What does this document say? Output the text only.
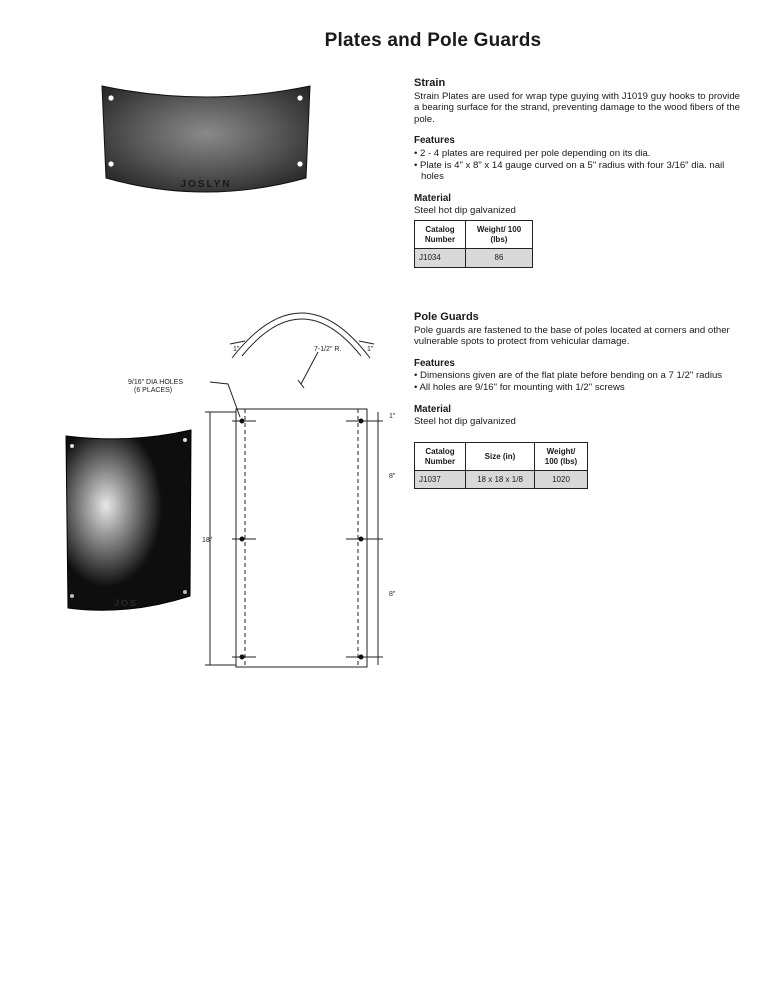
Plates and Pole Guards
JOSLYN
JOS
1"	1"
7-1/2" R.
9/16" DIA HOLES
(6 PLACES)
1"
8"
8"
18"
Strain

Strain Plates are used for wrap type guying with J1019 guy hooks to provide a bearing surface for the strand, preventing damage to the wood fibers of the pole.

Features
• 2 - 4 plates are required per pole depending on its dia.
• Plate is 4" x 8" x 14 gauge curved on a 5" radius with four 3/16" dia. nail holes
Material

Steel hot dip galvanized

Catalog Number	Weight/ 100 (lbs)
J1034	86
Pole Guards

Pole guards are fastened to the base of poles located at corners and other vulnerable spots to protect from vehicular damage.

Features
• Dimensions given are of the flat plate before bending on a 7 1/2" radius
• All holes are 9/16" for mounting with 1/2" screws
Material

Steel hot dip galvanized

Catalog Number	Size (in)	Weight/ 100 (lbs)
J1037	18 x 18 x 1/8	1020
